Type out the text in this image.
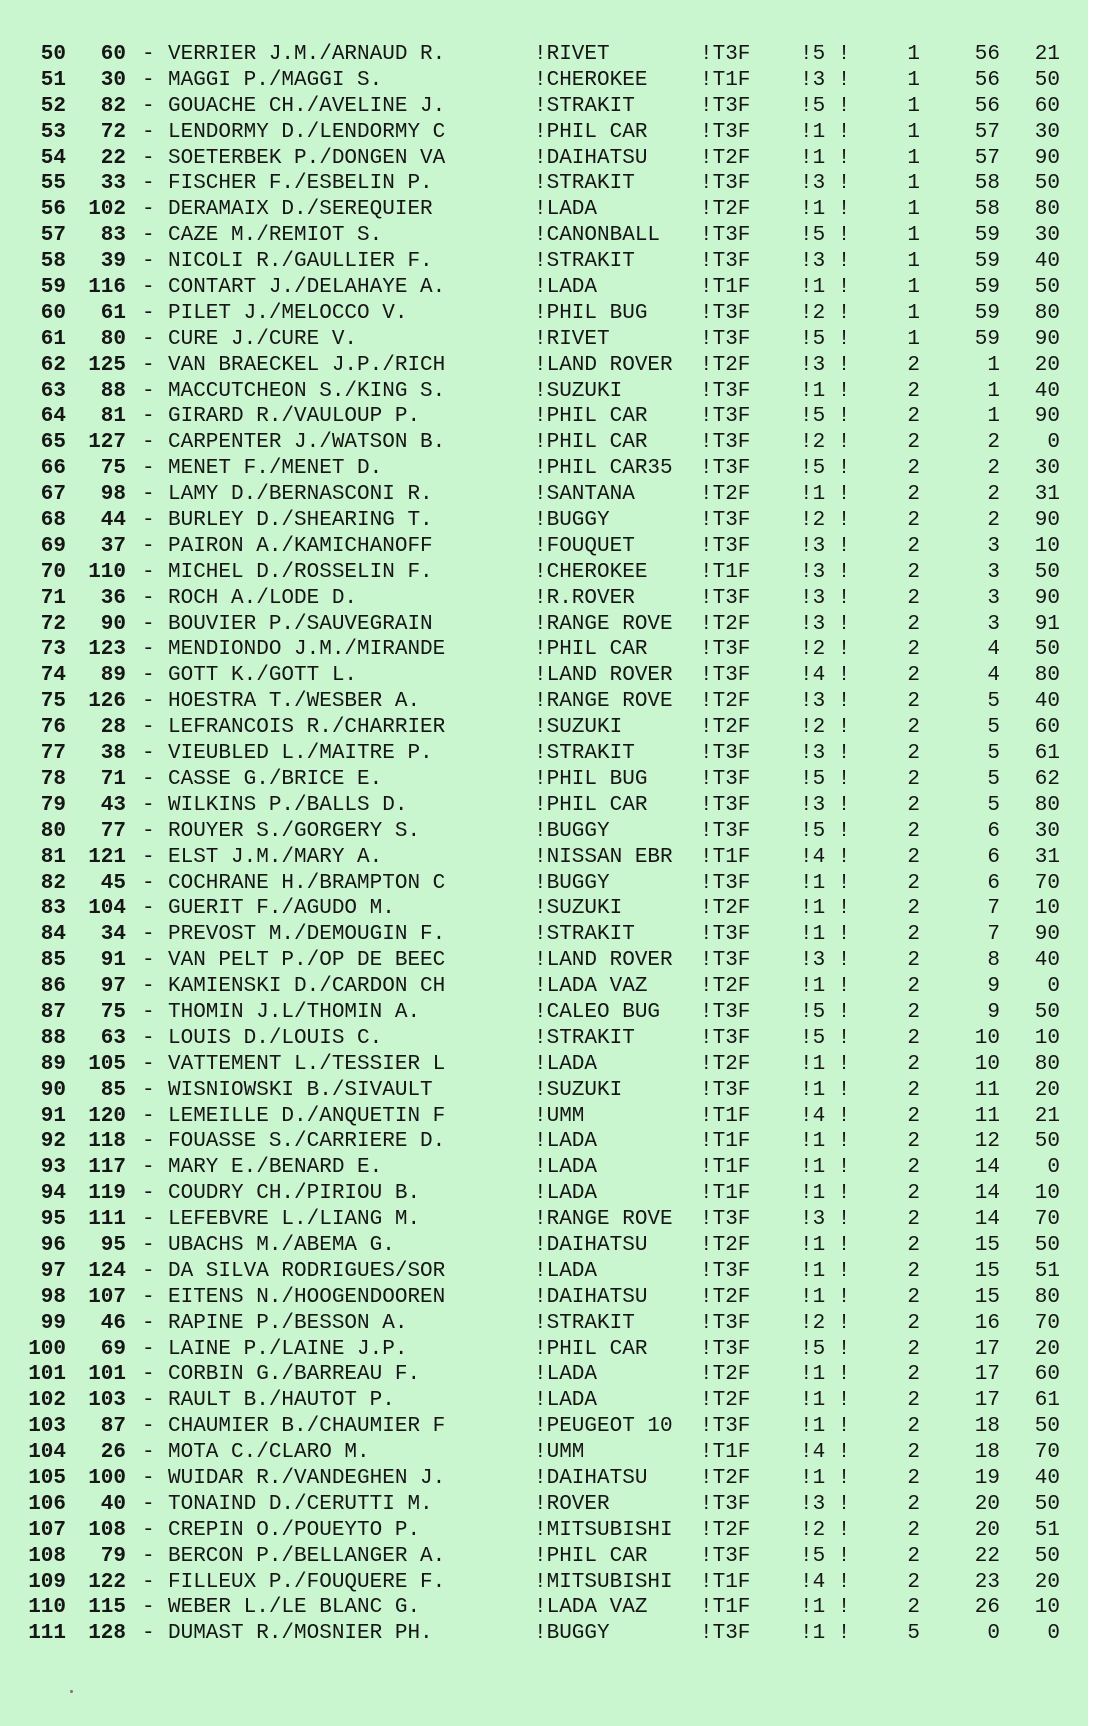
50	60 - VERRIER J.M./ARNAUD R.	!RIVET	!T3F !5 !	1	56	21
51	30 - MAGGI P./MAGGI S.	!CHEROKEE	!T1F !3 !	1	56	50
52	82 - GOUACHE CH./AVELINE J.	!STRAKIT	!T3F !5 !	1	56	60
53	72 - LENDORMY D./LENDORMY C	!PHIL CAR	!T3F !1 !	1	57	30
54	22 - SOETERBEK P./DONGEN VA	!DAIHATSU	!T2F !1 !	1	57	90
55	33 - FISCHER F./ESBELIN P.	!STRAKIT	!T3F !3 !	1	58	50
56	102 - DERAMAIX D./SEREQUIER	!LADA	!T2F !1 !	1	58	80
57	83 - CAZE M./REMIOT S.	!CANONBALL !T3F !5 !	1	59	30
58	39 - NICOLI R./GAULLIER F.	!STRAKIT	!T3F !3 !	1	59	40
59	116 - CONTART J./DELAHAYE A.	!LADA	!T1F !1 !	1	59	50
60	61 - PILET J./MELOCCO V.	!PHIL BUG	!T3F !2 !	1	59	80
61	80 - CURE J./CURE V.	!RIVET	!T3F !5 !	1	59	90
62	125 - VAN BRAECKEL J.P./RICH	!LAND ROVER !T2F !3 !	2	1	20
63	88 - MACCUTCHEON S./KING S.	!SUZUKI	!T3F !1 !	2	1	40
64	81 - GIRARD R./VAULOUP P.	!PHIL CAR	!T3F !5 !	2	1	90
65	127 - CARPENTER J./WATSON B.	!PHIL CAR	!T3F !2 !	2	2	0
66	75 - MENET F./MENET D.	!PHIL CAR35 !T3F !5 !	2	2	30
67	98 - LAMY D./BERNASCONI R.	!SANTANA	!T2F !1 !	2	2	31
68	44 - BURLEY D./SHEARING T.	!BUGGY	!T3F !2 !	2	2	90
69	37 - PAIRON A./KAMICHANOFF	!FOUQUET	!T3F !3 !	2	3	10
70	110 - MICHEL D./ROSSELIN F.	!CHEROKEE	!T1F !3 !	2	3	50
71	36 - ROCH A./LODE D.	!R.ROVER	!T3F !3 !	2	3	90
72	90 - BOUVIER P./SAUVEGRAIN	!RANGE ROVE !T2F !3 !	2	3	91
73	123 - MENDIONDO J.M./MIRANDE	!PHIL CAR	!T3F !2 !	2	4	50
74	89 - GOTT K./GOTT L.	!LAND ROVER !T3F !4 !	2	4	80
75	126 - HOESTRA T./WESBER A.	!RANGE ROVE !T2F !3 !	2	5	40
76	28 - LEFRANCOIS R./CHARRIER	!SUZUKI	!T2F !2 !	2	5	60
77	38 - VIEUBLED L./MAITRE P.	!STRAKIT	!T3F !3 !	2	5	61
78	71 - CASSE G./BRICE E.	!PHIL BUG	!T3F !5 !	2	5	62
79	43 - WILKINS P./BALLS D.	!PHIL CAR	!T3F !3 !	2	5	80
80	77 - ROUYER S./GORGERY S.	!BUGGY	!T3F !5 !	2	6	30
81	121 - ELST J.M./MARY A.	!NISSAN EBR !T1F !4 !	2	6	31
82	45 - COCHRANE H./BRAMPTON C	!BUGGY	!T3F !1 !	2	6	70
83	104 - GUERIT F./AGUDO M.	!SUZUKI	!T2F !1 !	2	7	10
84	34 - PREVOST M./DEMOUGIN F.	!STRAKIT	!T3F !1 !	2	7	90
85	91 - VAN PELT P./OP DE BEEC	!LAND ROVER !T3F !3 !	2	8	40
86	97 - KAMIENSKI D./CARDON CH	!LADA VAZ	!T2F !1 !	2	9	0
87	75 - THOMIN J.L/THOMIN A.	!CALEO BUG !T3F !5 !	2	9	50
88	63 - LOUIS D./LOUIS C.	!STRAKIT	!T3F !5 !	2	10	10
89	105 - VATTEMENT L./TESSIER L	!LADA	!T2F !1 !	2	10	80
90	85 - WISNIOWSKI B./SIVAULT	!SUZUKI	!T3F !1 !	2	11	20
91	120 - LEMEILLE D./ANQUETIN F	!UMM	!T1F !4 !	2	11	21
92	118 - FOUASSE S./CARRIERE D.	!LADA	!T1F !1 !	2	12	50
93	117 - MARY E./BENARD E.	!LADA	!T1F !1 !	2	14	0
94	119 - COUDRY CH./PIRIOU B.	!LADA	!T1F !1 !	2	14	10
95	111 - LEFEBVRE L./LIANG M.	!RANGE ROVE !T3F !3 !	2	14	70
96	95 - UBACHS M./ABEMA G.	!DAIHATSU	!T2F !1 !	2	15	50
97	124 - DA SILVA RODRIGUES/SOR	!LADA	!T3F !1 !	2	15	51
98	107 - EITENS N./HOOGENDOOREN	!DAIHATSU	!T2F !1 !	2	15	80
99	46 - RAPINE P./BESSON A.	!STRAKIT	!T3F !2 !	2	16	70
100	69 - LAINE P./LAINE J.P.	!PHIL CAR	!T3F !5 !	2	17	20
101	101 - CORBIN G./BARREAU F.	!LADA	!T2F !1 !	2	17	60
102	103 - RAULT B./HAUTOT P.	!LADA	!T2F !1 !	2	17	61
103	87 - CHAUMIER B./CHAUMIER F	!PEUGEOT 10 !T3F !1 !	2	18	50
104	26 - MOTA C./CLARO M.	!UMM	!T1F !4 !	2	18	70
105	100 - WUIDAR R./VANDEGHEN J.	!DAIHATSU	!T2F !1 !	2	19	40
106	40 - TONAIND D./CERUTTI M.	!ROVER	!T3F !3 !	2	20	50
107	108 - CREPIN O./POUEYTO P.	!MITSUBISHI !T2F !2 !	2	20	51
108	79 - BERCON P./BELLANGER A.	!PHIL CAR	!T3F !5 !	2	22	50
109	122 - FILLEUX P./FOUQUERE F.	!MITSUBISHI !T1F !4 !	2	23	20
110	115 - WEBER L./LE BLANC G.	!LADA VAZ	!T1F !1 !	2	26	10
111	128 - DUMAST R./MOSNIER PH.	!BUGGY	!T3F !1 !	5	0	0
